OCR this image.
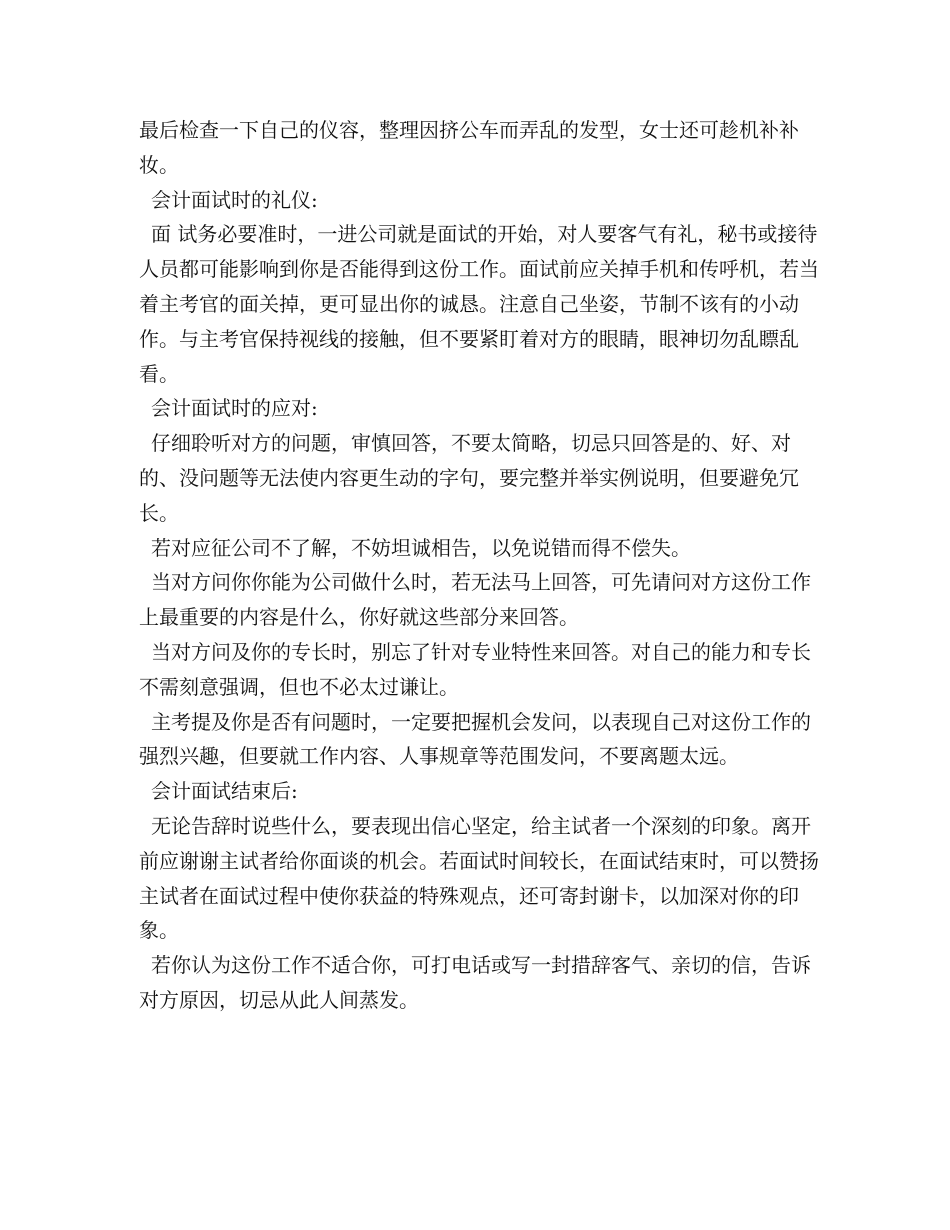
最后检查一下自己的仪容，整理因挤公车而弄乱的发型，女士还可趁机补补妆。

会计面试时的礼仪:

面 试务必要准时，一进公司就是面试的开始，对人要客气有礼，秘书或接待人员都可能影响到你是否能得到这份工作。面试前应关掉手机和传呼机，若当着主考官的面关掉，更可显出你的诚恳。注意自己坐姿，节制不该有的小动作。与主考官保持视线的接触，但不要紧盯着对方的眼睛，眼神切勿乱瞟乱看。

会计面试时的应对:

仔细聆听对方的问题，审慎回答，不要太简略，切忌只回答是的、好、对的、没问题等无法使内容更生动的字句，要完整并举实例说明，但要避免冗长。

若对应征公司不了解，不妨坦诚相告，以免说错而得不偿失。

当对方问你你能为公司做什么时，若无法马上回答，可先请问对方这份工作上最重要的内容是什么，你好就这些部分来回答。

当对方问及你的专长时，别忘了针对专业特性来回答。对自己的能力和专长不需刻意强调，但也不必太过谦让。

主考提及你是否有问题时，一定要把握机会发问，以表现自己对这份工作的强烈兴趣，但要就工作内容、人事规章等范围发问，不要离题太远。

会计面试结束后:

无论告辞时说些什么，要表现出信心坚定，给主试者一个深刻的印象。离开前应谢谢主试者给你面谈的机会。若面试时间较长，在面试结束时，可以赞扬主试者在面试过程中使你获益的特殊观点，还可寄封谢卡，以加深对你的印象。

若你认为这份工作不适合你，可打电话或写一封措辞客气、亲切的信，告诉对方原因，切忌从此人间蒸发。
